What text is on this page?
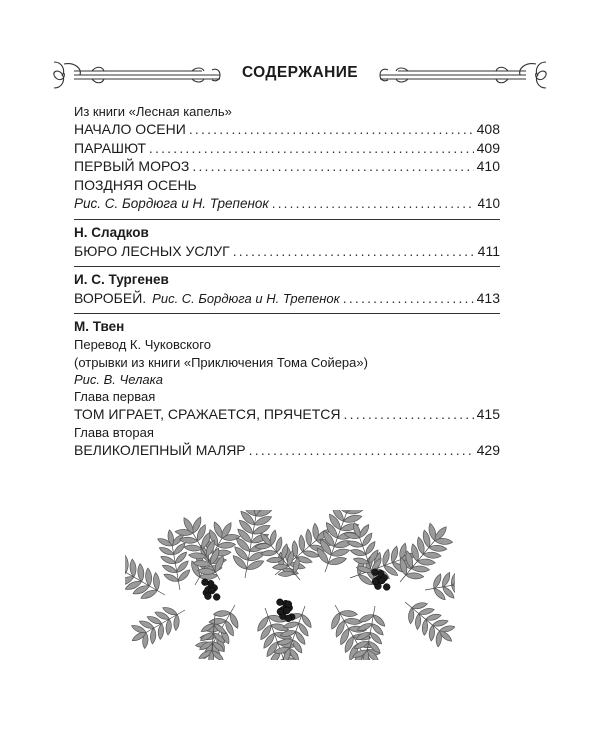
СОДЕРЖАНИЕ
Из книги «Лесная капель»
НАЧАЛО ОСЕНИ .....	408
ПАРАШЮТ .....	409
ПЕРВЫЙ МОРОЗ .....	410
ПОЗДНЯЯ ОСЕНЬ
Рис. С. Бордюга и Н. Трепенок .....	410
Н. Сладков
БЮРО ЛЕСНЫХ УСЛУГ .....	411
И. С. Тургенев
ВОРОБЕЙ. Рис. С. Бордюга и Н. Трепенок .....	413
М. Твен
Перевод К. Чуковского
(отрывки из книги «Приключения Тома Сойера»)
Рис. В. Челака
Глава первая
ТОМ ИГРАЕТ, СРАЖАЕТСЯ, ПРЯЧЕТСЯ .....	415
Глава вторая
ВЕЛИКОЛЕПНЫЙ МАЛЯР .....	429
